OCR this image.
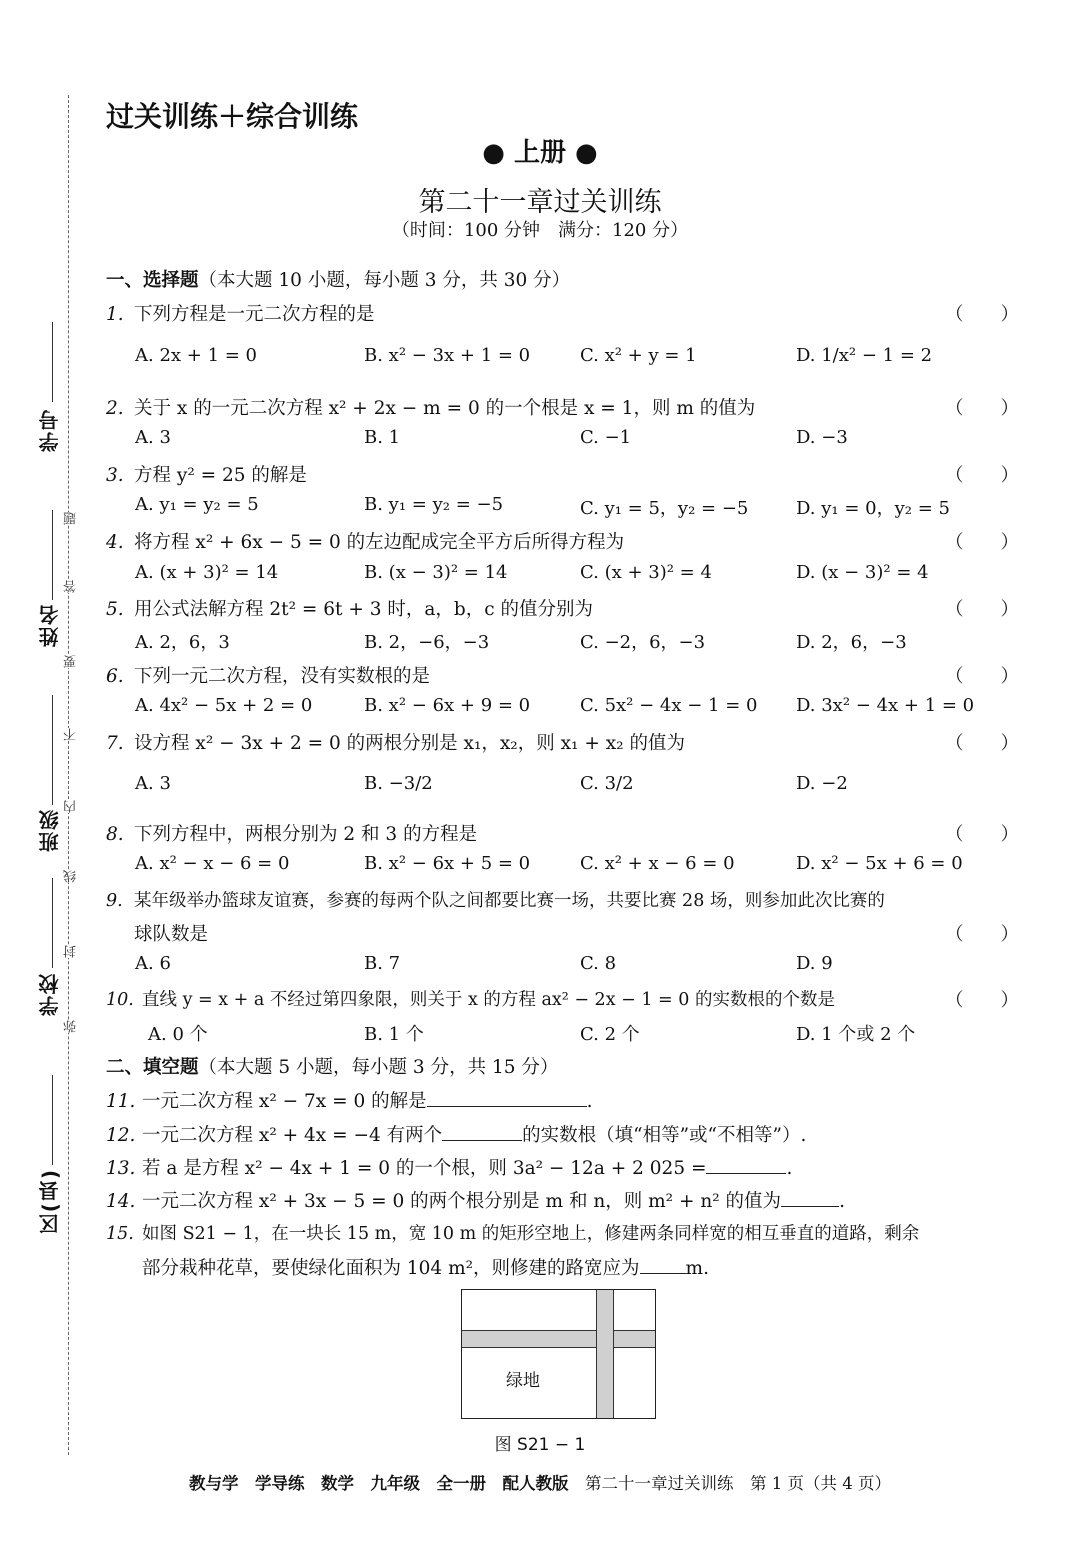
学号
姓名
班级
学校
区(县)
题
答
要
不
内
线
封
弥
过关训练＋综合训练
● 上册 ●
第二十一章过关训练
（时间：100 分钟　满分：120 分）
一、选择题（本大题 10 小题，每小题 3 分，共 30 分）
1. 下列方程是一元二次方程的是	（　　）
A. 2x + 1 = 0	B. x² − 3x + 1 = 0	C. x² + y = 1	D. 1/x² − 1 = 2
2. 关于 x 的一元二次方程 x² + 2x − m = 0 的一个根是 x = 1，则 m 的值为	（　　）
A. 3	B. 1	C. −1	D. −3
3. 方程 y² = 25 的解是	（　　）
A. y₁ = y₂ = 5	B. y₁ = y₂ = −5	C. y₁ = 5，y₂ = −5	D. y₁ = 0，y₂ = 5
4. 将方程 x² + 6x − 5 = 0 的左边配成完全平方后所得方程为	（　　）
A. (x + 3)² = 14	B. (x − 3)² = 14	C. (x + 3)² = 4	D. (x − 3)² = 4
5. 用公式法解方程 2t² = 6t + 3 时，a，b，c 的值分别为	（　　）
A. 2，6，3	B. 2，−6，−3	C. −2，6，−3	D. 2，6，−3
6. 下列一元二次方程，没有实数根的是	（　　）
A. 4x² − 5x + 2 = 0	B. x² − 6x + 9 = 0	C. 5x² − 4x − 1 = 0 D. 3x² − 4x + 1 = 0
7. 设方程 x² − 3x + 2 = 0 的两根分别是 x₁，x₂，则 x₁ + x₂ 的值为	（　　）
A. 3	B. −3/2	C. 3/2	D. −2
8. 下列方程中，两根分别为 2 和 3 的方程是	（　　）
A. x² − x − 6 = 0	B. x² − 6x + 5 = 0	C. x² + x − 6 = 0	D. x² − 5x + 6 = 0
9. 某年级举办篮球友谊赛，参赛的每两个队之间都要比赛一场，共要比赛 28 场，则参加此次比赛的
球队数是	（　　）
A. 6	B. 7	C. 8	D. 9
10. 直线 y = x + a 不经过第四象限，则关于 x 的方程 ax² − 2x − 1 = 0 的实数根的个数是	（　　）
A. 0 个	B. 1 个	C. 2 个	D. 1 个或 2 个
二、填空题（本大题 5 小题，每小题 3 分，共 15 分）
11. 一元二次方程 x² − 7x = 0 的解是	.
12. 一元二次方程 x² + 4x = −4 有两个	的实数根（填“相等”或“不相等”）.
13. 若 a 是方程 x² − 4x + 1 = 0 的一个根，则 3a² − 12a + 2 025 =	.
14. 一元二次方程 x² + 3x − 5 = 0 的两个根分别是 m 和 n，则 m² + n² 的值为	.
15. 如图 S21 − 1，在一块长 15 m，宽 10 m 的矩形空地上，修建两条同样宽的相互垂直的道路，剩余
部分栽种花草，要使绿化面积为 104 m²，则修建的路宽应为 m.
绿地
图 S21 − 1
教与学　学导练　数学　九年级　全一册　配人教版　 第二十一章过关训练　第 1 页（共 4 页）
